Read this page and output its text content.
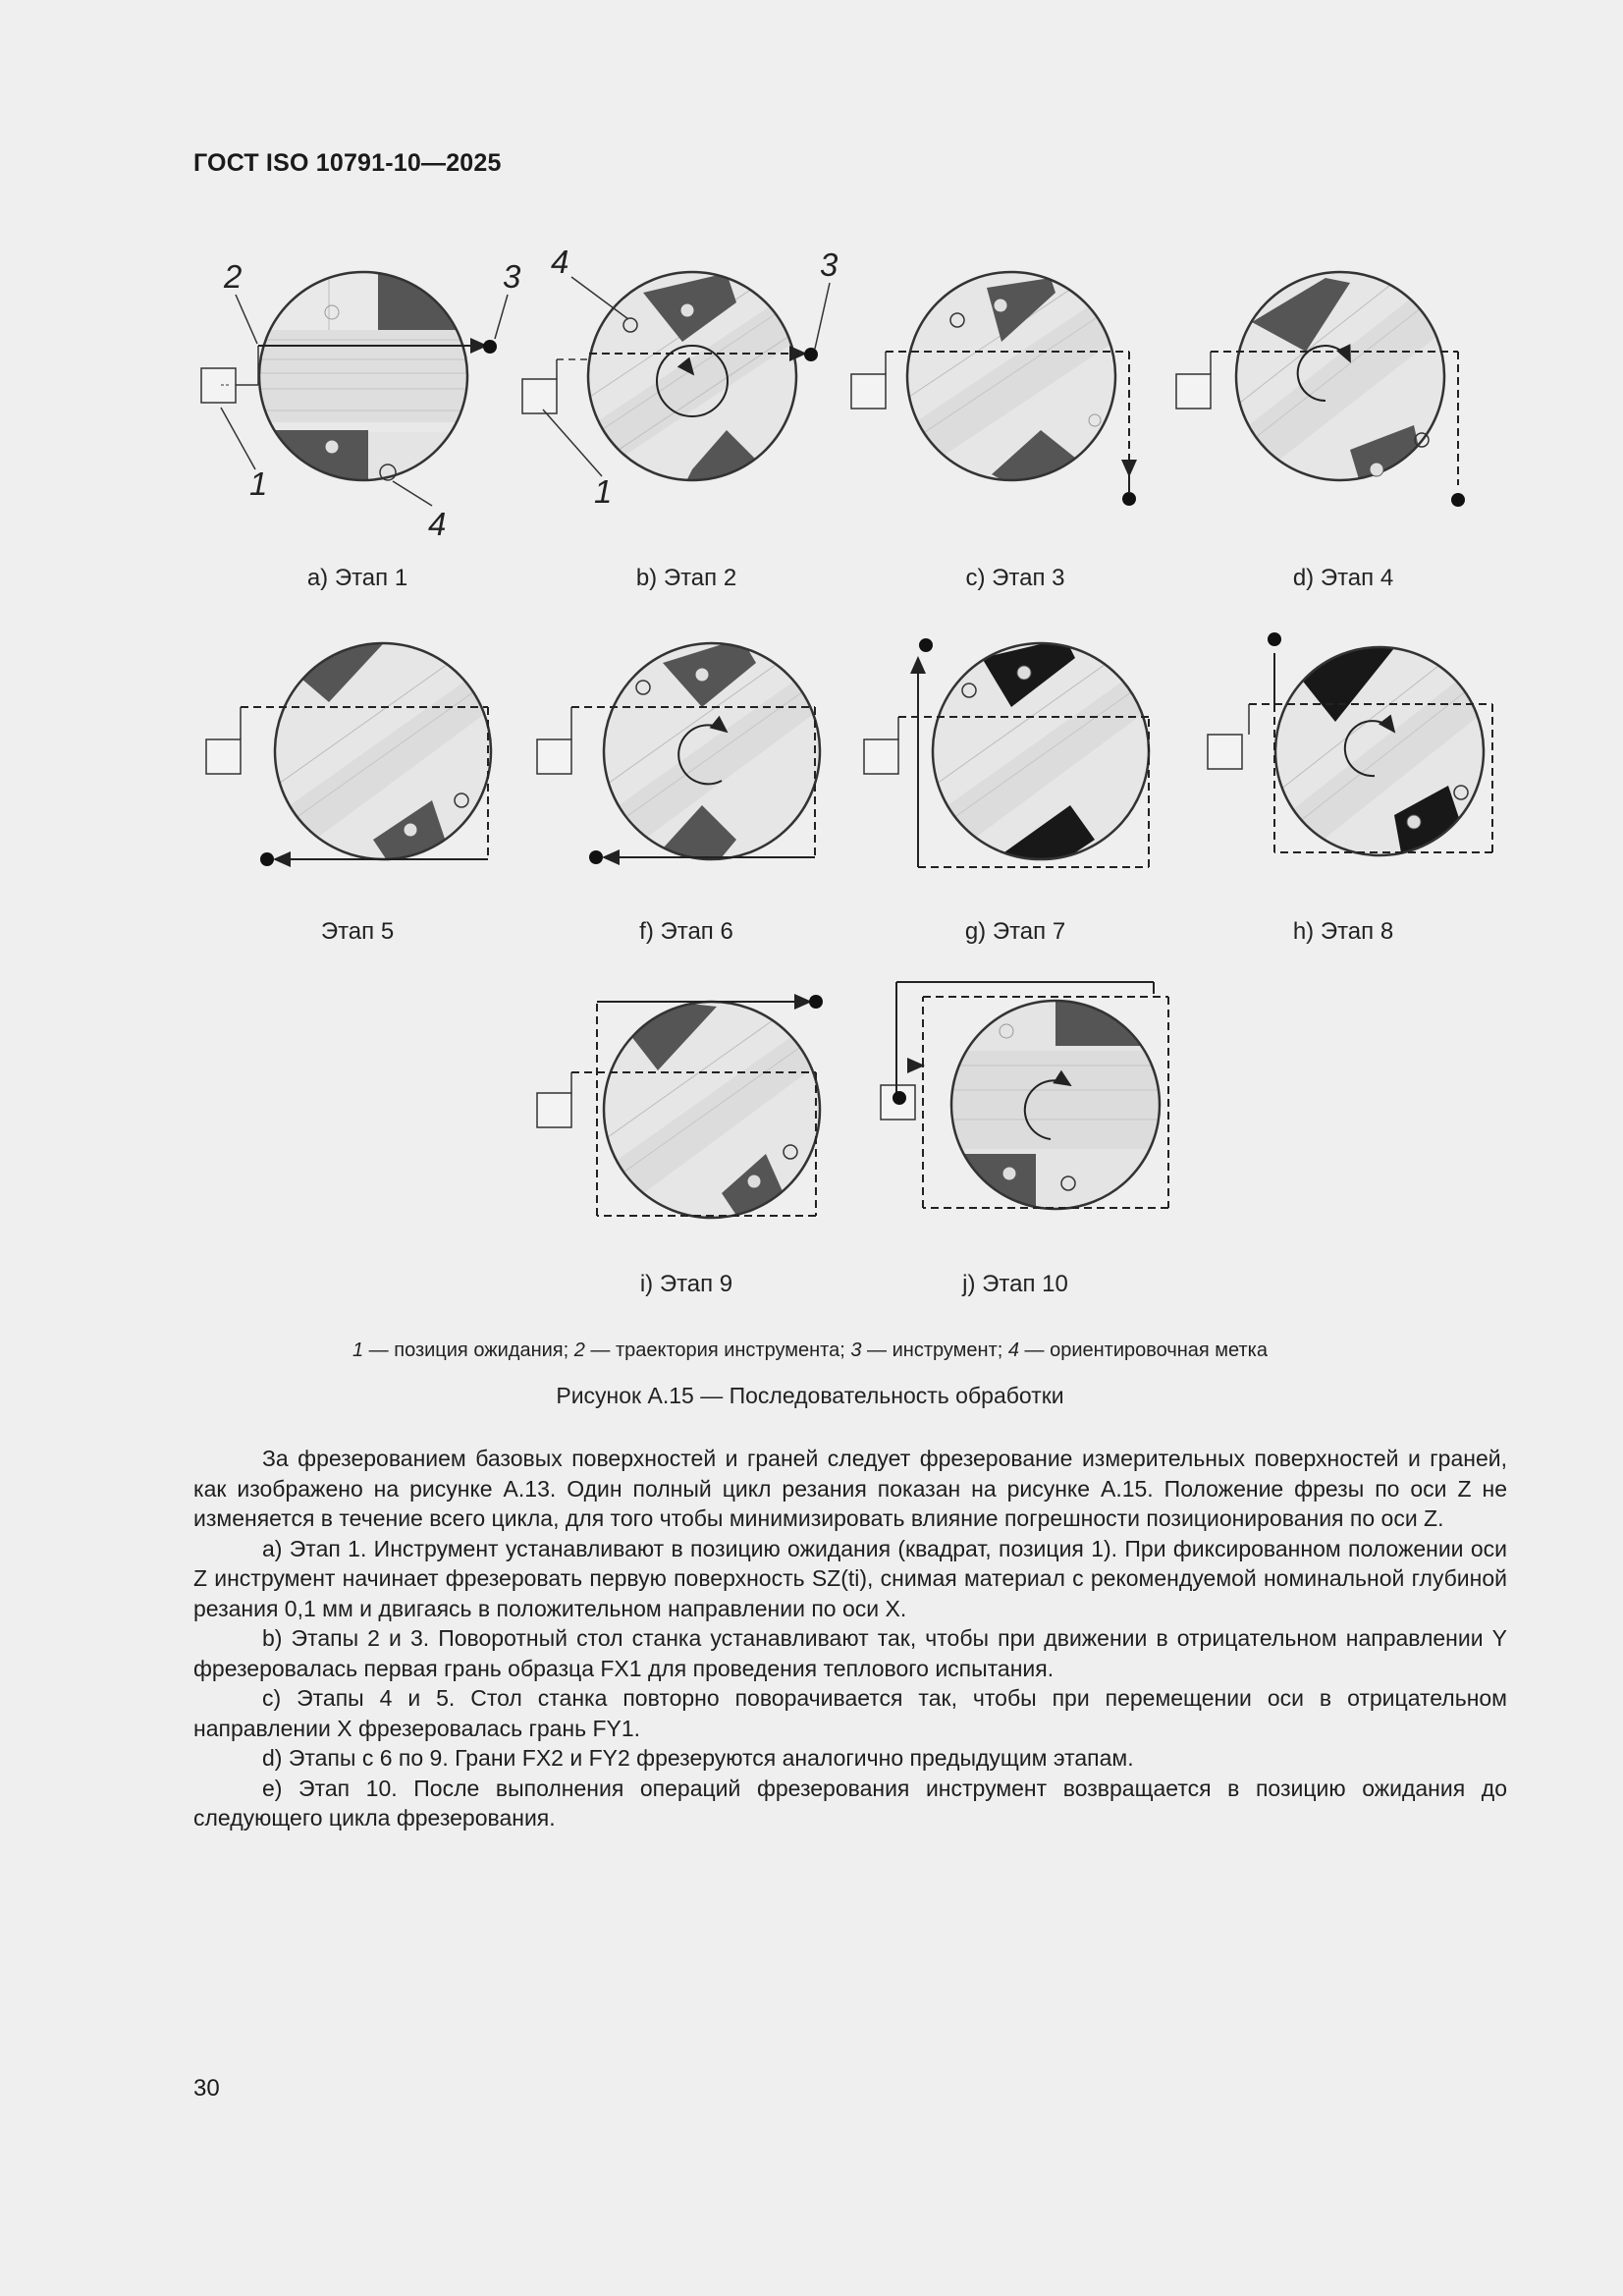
ГОСТ ISO 10791-10—2025
2	3
1
4
4	3
1
а) Этап 1	b) Этап 2	с) Этап 3	d) Этап 4
Этап 5	f) Этап 6	g) Этап 7	h) Этап 8
i) Этап 9	j) Этап 10
1 — позиция ожидания; 2 — траектория инструмента; 3 — инструмент; 4 — ориентировочная метка
Рисунок А.15 — Последовательность обработки

За фрезерованием базовых поверхностей и граней следует фрезерование измерительных поверхностей и граней, как изображено на рисунке А.13. Один полный цикл резания показан на рисунке А.15. Положение фрезы по оси Z не изменяется в течение всего цикла, для того чтобы минимизировать влияние погрешности позиционирования по оси Z.

а) Этап 1. Инструмент устанавливают в позицию ожидания (квадрат, позиция 1). При фиксированном положении оси Z инструмент начинает фрезеровать первую поверхность SZ(ti), снимая материал с рекомендуемой номинальной глубиной резания 0,1 мм и двигаясь в положительном направлении по оси X.

b) Этапы 2 и 3. Поворотный стол станка устанавливают так, чтобы при движении в отрицательном направлении Y фрезеровалась первая грань образца FX1 для проведения теплового испытания.

с) Этапы 4 и 5. Стол станка повторно поворачивается так, чтобы при перемещении оси в отрицательном направлении X фрезеровалась грань FY1.

d) Этапы с 6 по 9. Грани FX2 и FY2 фрезеруются аналогично предыдущим этапам.

е) Этап 10. После выполнения операций фрезерования инструмент возвращается в позицию ожидания до следующего цикла фрезерования.

30
